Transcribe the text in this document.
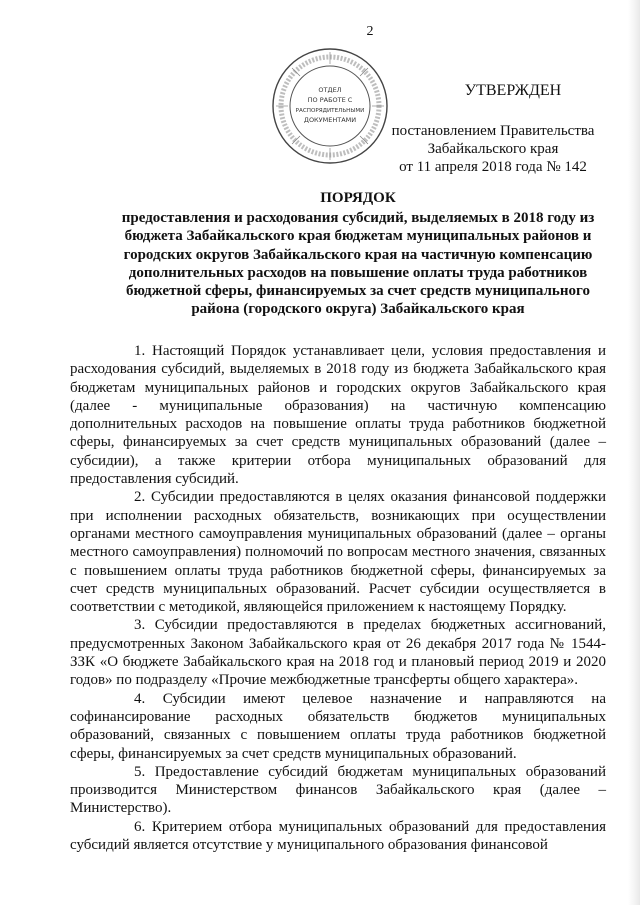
2
ОТДЕЛ
ПО РАБОТЕ С
РАСПОРЯДИТЕЛЬНЫМИ
ДОКУМЕНТАМИ
УТВЕРЖДЕН
постановлением Правительства
Забайкальского края
от 11 апреля 2018 года № 142
ПОРЯДОК
предоставления и расходования субсидий, выделяемых в 2018 году из
бюджета Забайкальского края бюджетам муниципальных районов и
городских округов Забайкальского края на частичную компенсацию
дополнительных расходов на повышение оплаты труда работников
бюджетной сферы, финансируемых за счет средств муниципального
района (городского округа) Забайкальского края

1. Настоящий Порядок устанавливает цели, условия предоставления и расходования субсидий, выделяемых в 2018 году из бюджета Забайкальского края бюджетам муниципальных районов и городских округов Забайкальского края (далее - муниципальные образования) на частичную компенсацию дополнительных расходов на повышение оплаты труда работников бюджетной сферы, финансируемых за счет средств муниципальных образований (далее – субсидии), а также критерии отбора муниципальных образований для предоставления субсидий.

2. Субсидии предоставляются в целях оказания финансовой поддержки при исполнении расходных обязательств, возникающих при осуществлении органами местного самоуправления муниципальных образований (далее – органы местного самоуправления) полномочий по вопросам местного значения, связанных с повышением оплаты труда работников бюджетной сферы, финансируемых за счет средств муниципальных образований. Расчет субсидии осуществляется в соответствии с методикой, являющейся приложением к настоящему Порядку.

3. Субсидии предоставляются в пределах бюджетных ассигнований, предусмотренных Законом Забайкальского края от 26 декабря 2017 года № 1544-ЗЗК «О бюджете Забайкальского края на 2018 год и плановый период 2019 и 2020 годов» по подразделу «Прочие межбюджетные трансферты общего характера».

4. Субсидии имеют целевое назначение и направляются на софинансирование расходных обязательств бюджетов муниципальных образований, связанных с повышением оплаты труда работников бюджетной сферы, финансируемых за счет средств муниципальных образований.

5. Предоставление субсидий бюджетам муниципальных образований производится Министерством финансов Забайкальского края (далее – Министерство).

6. Критерием отбора муниципальных образований для предоставления субсидий является отсутствие у муниципального образования финансовой
